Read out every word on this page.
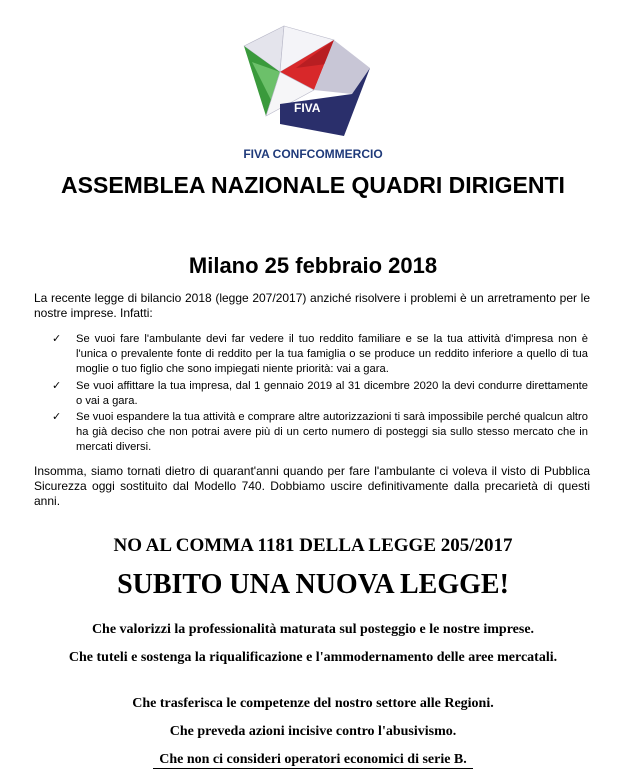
FIVA
FIVA CONFCOMMERCIO
ASSEMBLEA NAZIONALE QUADRI DIRIGENTI
Milano 25 febbraio 2018
La recente legge di bilancio 2018 (legge 207/2017) anziché risolvere i problemi è un arretramento per le nostre imprese. Infatti:
✓ Se vuoi fare l'ambulante devi far vedere il tuo reddito familiare e se la tua attività d'impresa non è l'unica o prevalente fonte di reddito per la tua famiglia o se produce un reddito inferiore a quello di tua moglie o tuo figlio che sono impiegati niente priorità: vai a gara.
✓ Se vuoi affittare la tua impresa, dal 1 gennaio 2019 al 31 dicembre 2020 la devi condurre direttamente o vai a gara.
✓ Se vuoi espandere la tua attività e comprare altre autorizzazioni ti sarà impossibile perché qualcun altro ha già deciso che non potrai avere più di un certo numero di posteggi sia sullo stesso mercato che in mercati diversi.
Insomma, siamo tornati dietro di quarant'anni quando per fare l'ambulante ci voleva il visto di Pubblica Sicurezza oggi sostituito dal Modello 740. Dobbiamo uscire definitivamente dalla precarietà di questi anni.
NO AL COMMA 1181 DELLA LEGGE 205/2017
SUBITO UNA NUOVA LEGGE!
Che valorizzi la professionalità maturata sul posteggio e le nostre imprese.
Che tuteli e sostenga la riqualificazione e l'ammodernamento delle aree mercatali.
Che trasferisca le competenze del nostro settore alle Regioni.
Che preveda azioni incisive contro l'abusivismo.
Che non ci consideri operatori economici di serie B.
